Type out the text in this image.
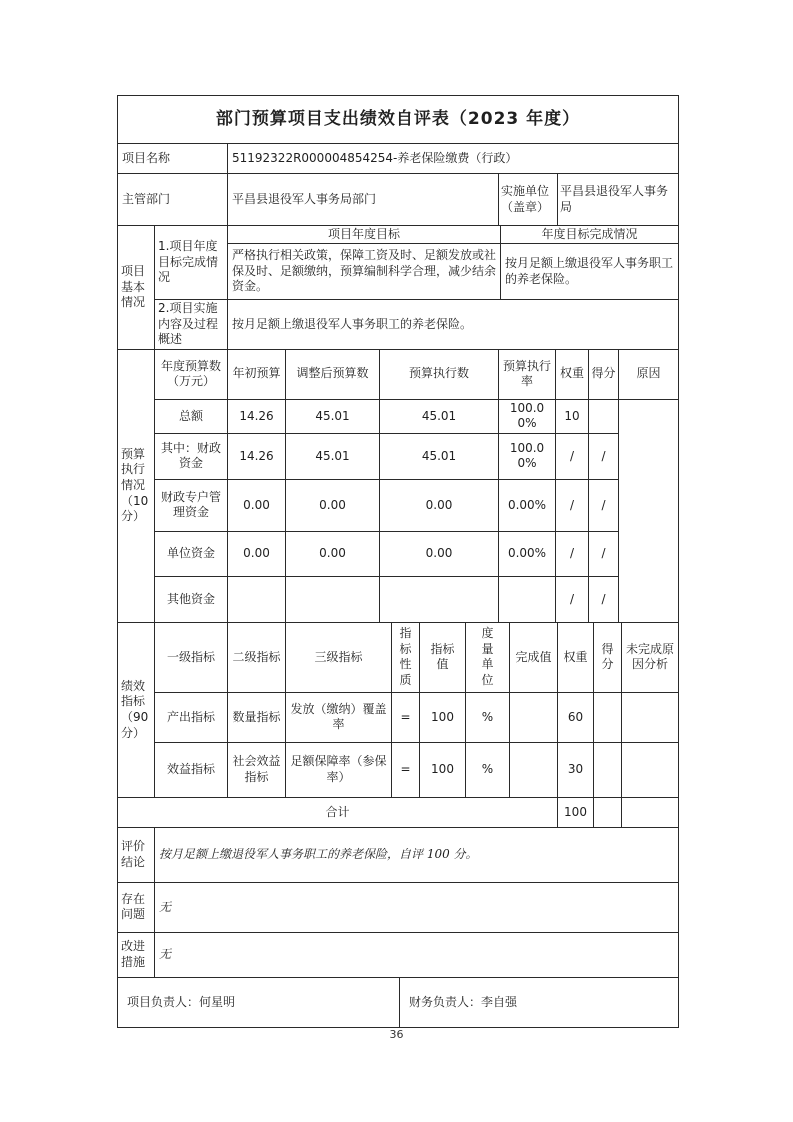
部门预算项目支出绩效自评表（2023 年度）			
项目名称	51192322R000004854254-养老保险缴费（行政）		
主管部门	平昌县退役军人事务局部门	实施单位（盖章）	平昌县退役军人事务局
项目基本情况	1.项目年度目标完成情况	项目年度目标	年度目标完成情况
		严格执行相关政策，保障工资及时、足额发放或社保及时、足额缴纳，预算编制科学合理，减少结余资金。	按月足额上缴退役军人事务职工的养老保险。
	2.项目实施内容及过程概述	按月足额上缴退役军人事务职工的养老保险。	
预算执行情况（10分）	年度预算数（万元）	年初预算	调整后预算数	预算执行数	预算执行率	权重	得分	原因
	总额	14.26	45.01	45.01	100.00%	10		
	其中：财政资金	14.26	45.01	45.01	100.00%	/	/	
	财政专户管理资金	0.00	0.00	0.00	0.00%	/	/	
	单位资金	0.00	0.00	0.00	0.00%	/	/	
	其他资金					/	/	
绩效指标（90分）	一级指标	二级指标	三级指标	指标性质	指标值	度量单位	完成值	权重	得分	未完成原因分析
	产出指标	数量指标	发放（缴纳）覆盖率	=	100	%		60		
	效益指标	社会效益指标	足额保障率（参保率）	=	100	%		30		
合计								100		
评价结论	按月足额上缴退役军人事务职工的养老保险，自评 100 分。
存在问题	无
改进措施	无
项目负责人：何星明	财务负责人：李自强
36
